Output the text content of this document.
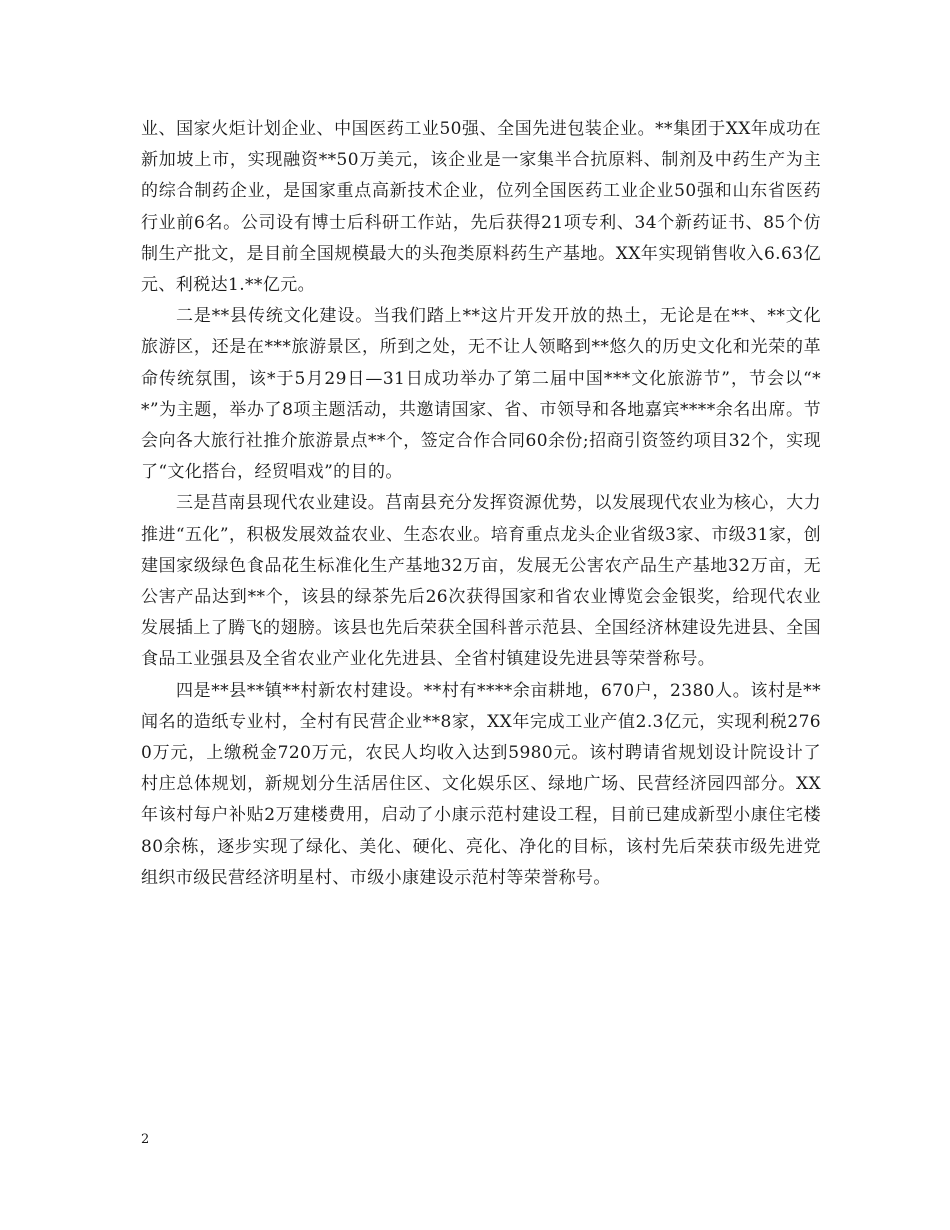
业、国家火炬计划企业、中国医药工业50强、全国先进包装企业。**集团于XX年成功在新加坡上市，实现融资**50万美元，该企业是一家集半合抗原料、制剂及中药生产为主的综合制药企业，是国家重点高新技术企业，位列全国医药工业企业50强和山东省医药行业前6名。公司设有博士后科研工作站，先后获得21项专利、34个新药证书、85个仿制生产批文，是目前全国规模最大的头孢类原料药生产基地。XX年实现销售收入6.63亿元、利税达1.**亿元。

二是**县传统文化建设。当我们踏上**这片开发开放的热土，无论是在**、**文化旅游区，还是在***旅游景区，所到之处，无不让人领略到**悠久的历史文化和光荣的革命传统氛围，该*于5月29日—31日成功举办了第二届中国***文化旅游节”，节会以“**”为主题，举办了8项主题活动，共邀请国家、省、市领导和各地嘉宾****余名出席。节会向各大旅行社推介旅游景点**个，签定合作合同60余份;招商引资签约项目32个，实现了“文化搭台，经贸唱戏”的目的。

三是莒南县现代农业建设。莒南县充分发挥资源优势，以发展现代农业为核心，大力推进“五化”，积极发展效益农业、生态农业。培育重点龙头企业省级3家、市级31家，创建国家级绿色食品花生标准化生产基地32万亩，发展无公害农产品生产基地32万亩，无公害产品达到**个，该县的绿茶先后26次获得国家和省农业博览会金银奖，给现代农业发展插上了腾飞的翅膀。该县也先后荣获全国科普示范县、全国经济林建设先进县、全国食品工业强县及全省农业产业化先进县、全省村镇建设先进县等荣誉称号。

四是**县**镇**村新农村建设。**村有****余亩耕地，670户，2380人。该村是**闻名的造纸专业村，全村有民营企业**8家，XX年完成工业产值2.3亿元，实现利税2760万元，上缴税金720万元，农民人均收入达到5980元。该村聘请省规划设计院设计了村庄总体规划，新规划分生活居住区、文化娱乐区、绿地广场、民营经济园四部分。XX年该村每户补贴2万建楼费用，启动了小康示范村建设工程，目前已建成新型小康住宅楼80余栋，逐步实现了绿化、美化、硬化、亮化、净化的目标，该村先后荣获市级先进党组织市级民营经济明星村、市级小康建设示范村等荣誉称号。

2
